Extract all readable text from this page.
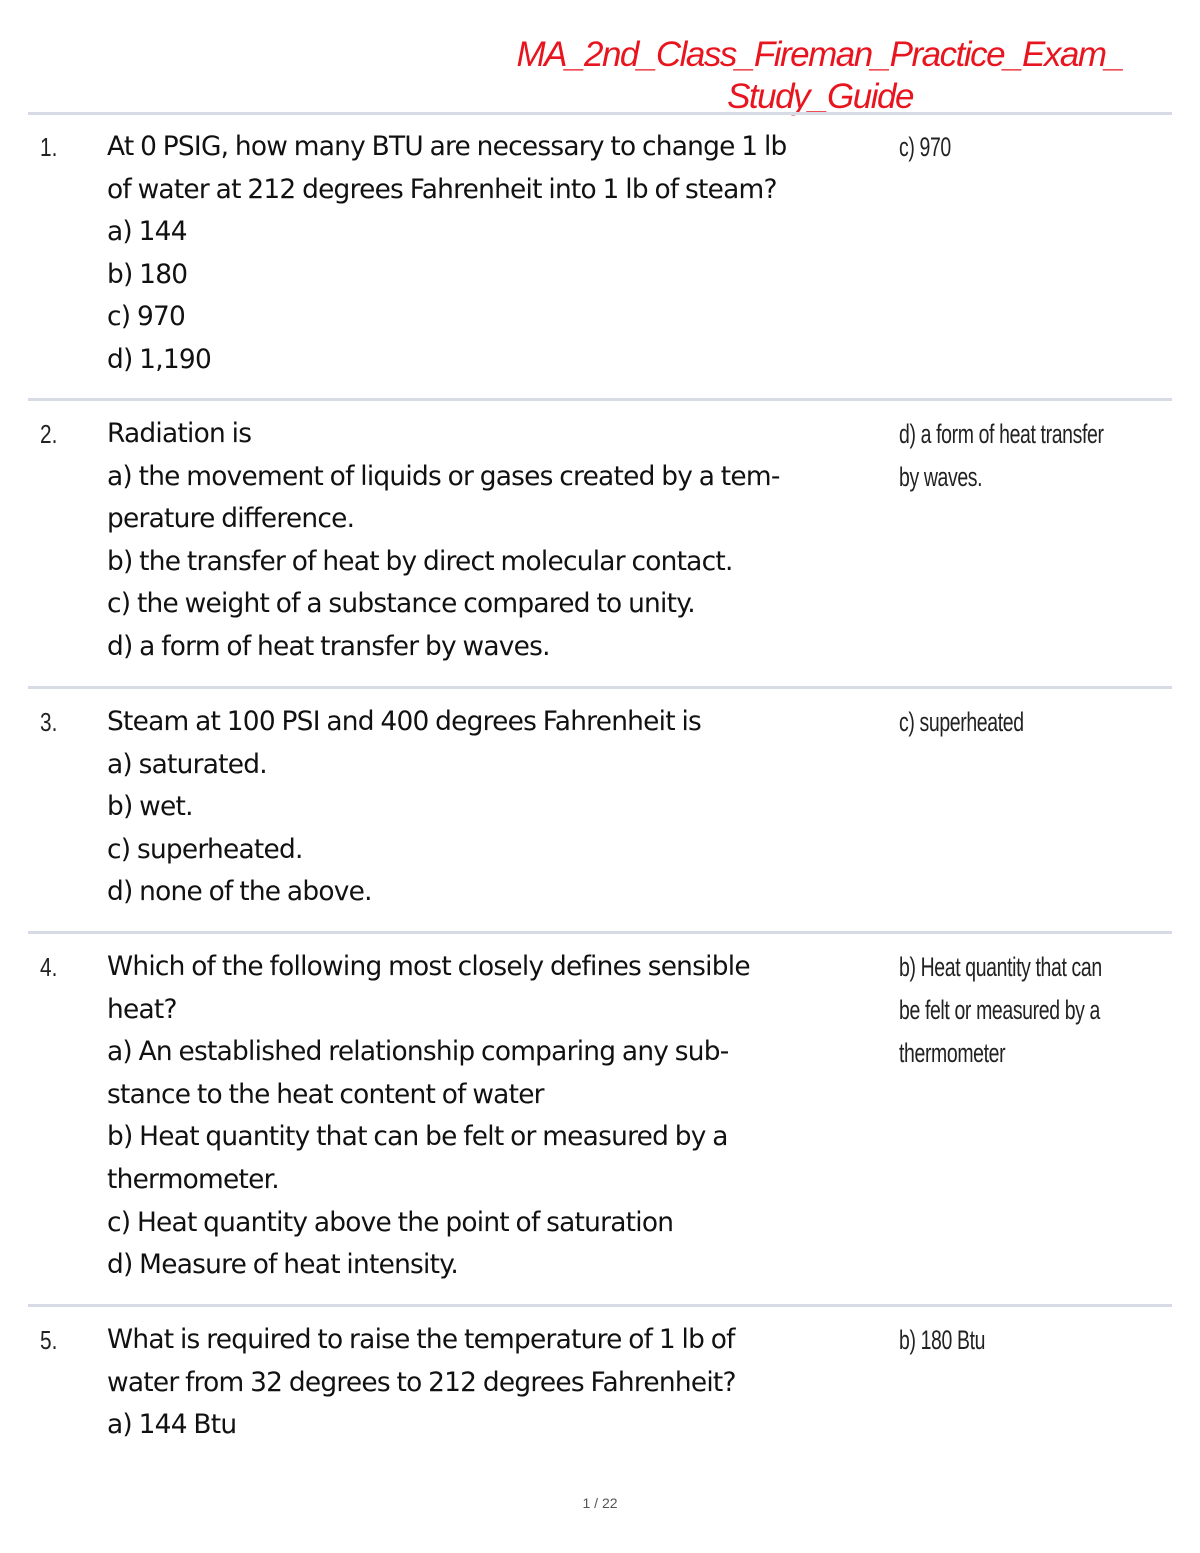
MA_2nd_Class_Fireman_Practice_Exam_
Study_Guide
1. At 0 PSIG, how many BTU are necessary to change 1 lb
of water at 212 degrees Fahrenheit into 1 lb of steam?
a) 144
b) 180
c) 970
d) 1,190
c) 970
2. Radiation is
a) the movement of liquids or gases created by a tem-
perature difference.
b) the transfer of heat by direct molecular contact.
c) the weight of a substance compared to unity.
d) a form of heat transfer by waves.
d) a form of heat transfer
by waves.
3. Steam at 100 PSI and 400 degrees Fahrenheit is
a) saturated.
b) wet.
c) superheated.
d) none of the above.
c) superheated
4. Which of the following most closely defines sensible
heat?
a) An established relationship comparing any sub-
stance to the heat content of water
b) Heat quantity that can be felt or measured by a
thermometer.
c) Heat quantity above the point of saturation
d) Measure of heat intensity.
b) Heat quantity that can
be felt or measured by a
thermometer
5. What is required to raise the temperature of 1 lb of
water from 32 degrees to 212 degrees Fahrenheit?
a) 144 Btu
b) 180 Btu
1 / 22
